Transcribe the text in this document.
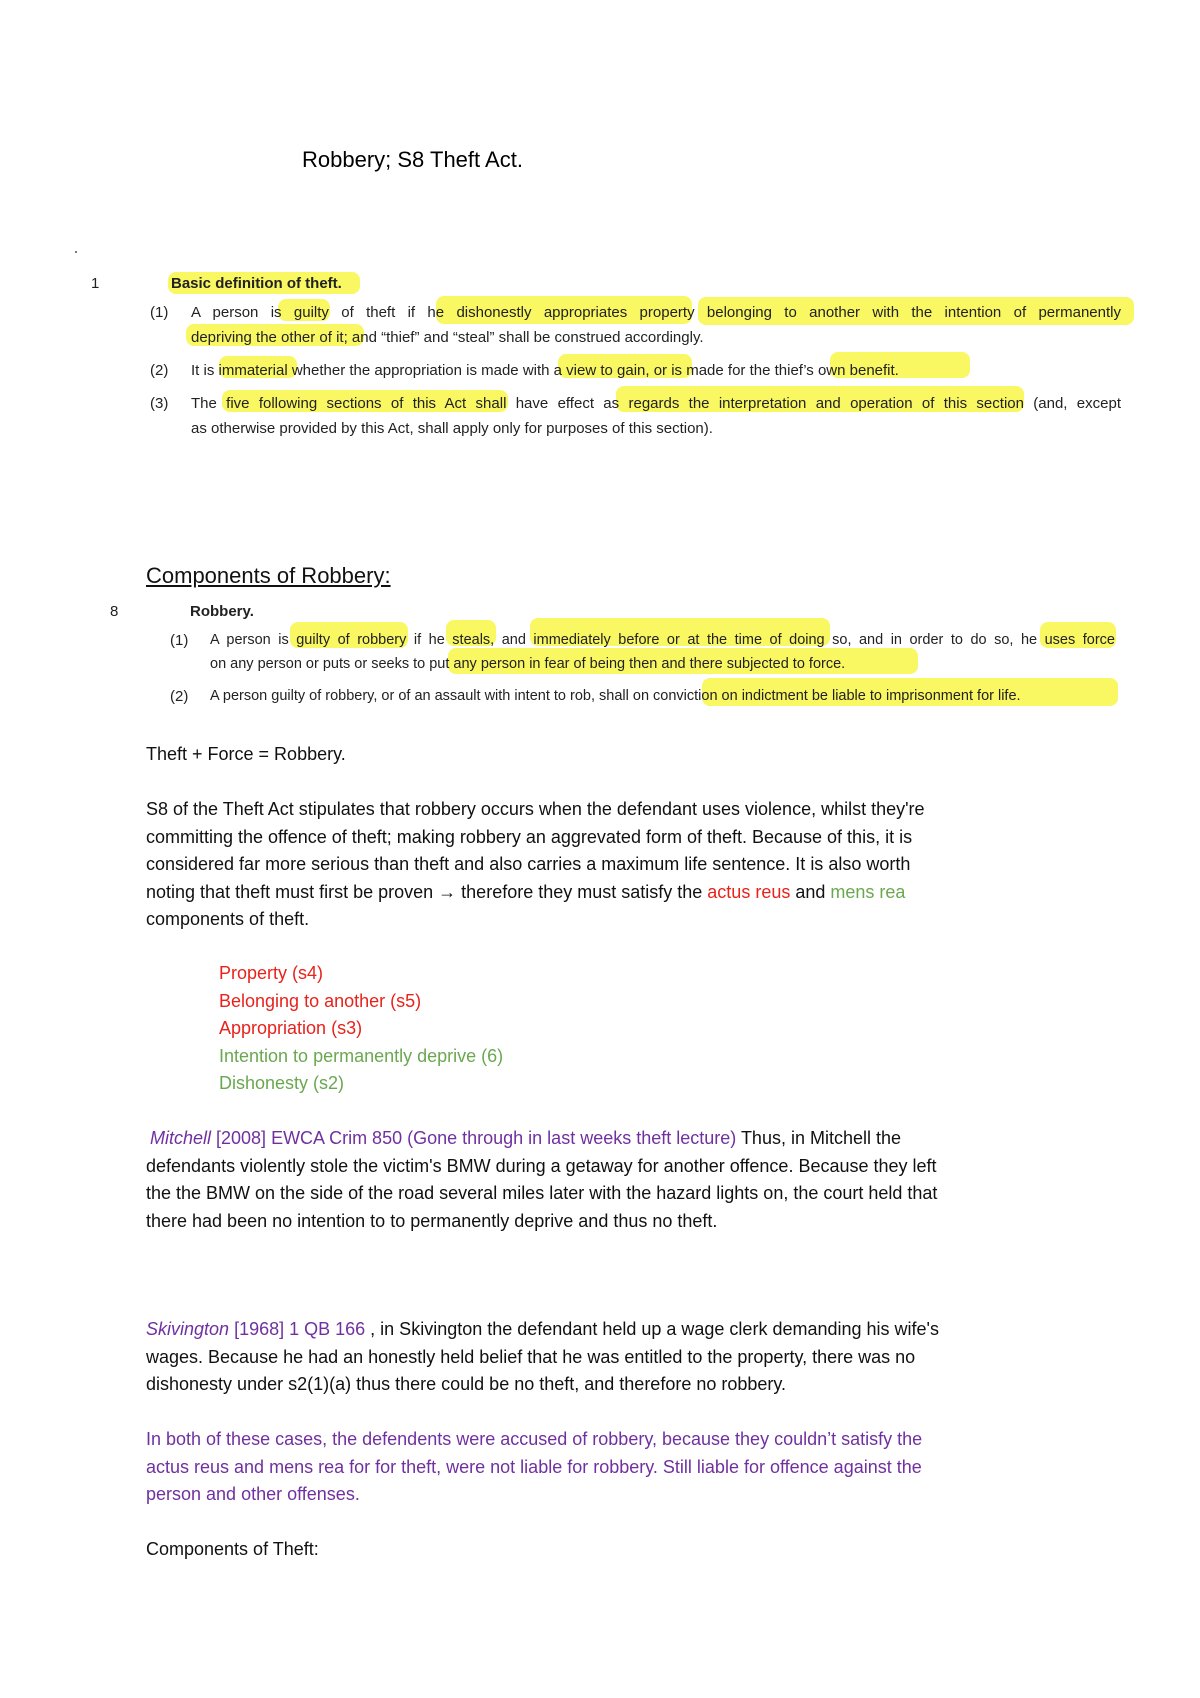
Robbery; S8 Theft Act.
1	Basic definition of theft.
(1) A person is guilty of theft if he dishonestly appropriates property belonging to another with the intention of permanently
depriving the other of it; and “thief” and “steal” shall be construed accordingly.
(2) It is immaterial whether the appropriation is made with a view to gain, or is made for the thief’s own benefit.
(3) The five following sections of this Act shall have effect as regards the interpretation and operation of this section (and, except
as otherwise provided by this Act, shall apply only for purposes of this section).
Components of Robbery:
8	Robbery.
(1) A person is guilty of robbery if he steals, and immediately before or at the time of doing so, and in order to do so, he uses force
on any person or puts or seeks to put any person in fear of being then and there subjected to force.
(2) A person guilty of robbery, or of an assault with intent to rob, shall on conviction on indictment be liable to imprisonment for life.
Theft + Force = Robbery.
S8 of the Theft Act stipulates that robbery occurs when the defendant uses violence, whilst they're
committing the offence of theft; making robbery an aggrevated form of theft. Because of this, it is
considered far more serious than theft and also carries a maximum life sentence. It is also worth
noting that theft must first be proven → therefore they must satisfy the actus reus and mens rea
components of theft.
Property (s4)
Belonging to another (s5)
Appropriation (s3)
Intention to permanently deprive (6)
Dishonesty (s2)
Mitchell [2008] EWCA Crim 850 (Gone through in last weeks theft lecture) Thus, in Mitchell the
defendants violently stole the victim's BMW during a getaway for another offence. Because they left
the the BMW on the side of the road several miles later with the hazard lights on, the court held that
there had been no intention to to permanently deprive and thus no theft.
Skivington [1968] 1 QB 166 , in Skivington the defendant held up a wage clerk demanding his wife's
wages. Because he had an honestly held belief that he was entitled to the property, there was no
dishonesty under s2(1)(a) thus there could be no theft, and therefore no robbery.
In both of these cases, the defendents were accused of robbery, because they couldn’t satisfy the
actus reus and mens rea for for theft, were not liable for robbery. Still liable for offence against the
person and other offenses.
Components of Theft:
